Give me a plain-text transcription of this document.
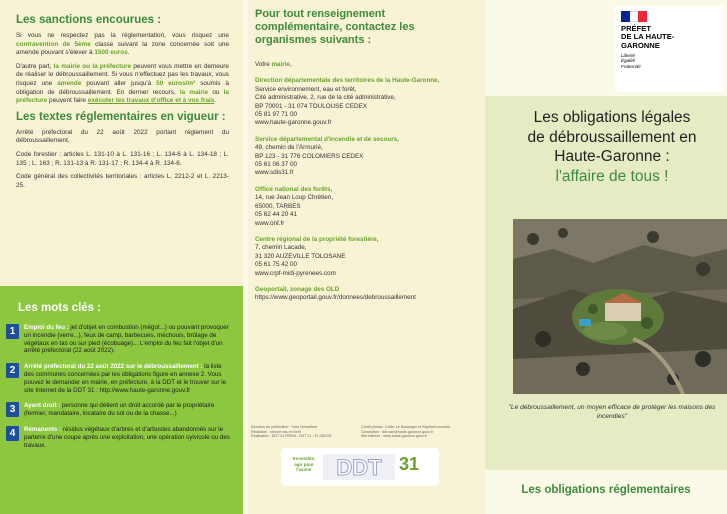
Les sanctions encourues :

Si vous ne respectez pas la réglementation, vous risquez une contravention de 5ème classe suivant la zone concernée soit une amende pouvant s'élever à 1500 euros.

D'autre part, la mairie ou la préfecture peuvent vous mettre en demeure de réaliser le débroussaillement. Si vous n'effectuez pas les travaux, vous risquez une amende pouvant aller jusqu'à 50 euros/m² soumis à obligation de débroussaillement. En dernier recours, la mairie ou la préfecture peuvent faire exécuter les travaux d'office et à vos frais.

Les textes réglementaires en vigueur :

Arrêté préfectoral du 22 août 2022 portant réglement du débroussaillement.

Code forestier : articles L. 131-10 à L. 131-16 ; L. 134-6 à L. 134-18 ; L. 135 ; L. 163 ; R. 131-13 à R. 131-17 ; R. 134-4 à R. 134-6.

Code général des collectivités territoriales : articles L. 2212-2 et L. 2213-25.

Les mots clés :
1	Emploi du feu : jet d'objet en combustion (mégot...) ou pouvant provoquer un incendie (verre...), feux de camp, barbecues, méchouis, brûlage de végétaux en tas ou sur pied (écobuage)... L'emploi du feu fait l'objet d'un arrêté préfectoral (22 août 2022).
2	Arrêté préfectoral du 22 août 2022 sur le débroussaillement : la liste des communes concernées par les obligations figure en annexe 2. Vous pouvez le demander en mairie, en préfecture, à la DDT et le trouver sur le site Internet de la DDT 31 : http://www.haute-garonne.gouv.fr
3	Ayant droit : personne qui détient un droit accordé par le propriétaire (fermier, mandataire, locataire du sol ou de la chasse...)
4	Rémanents : résidus végétaux d'arbres et d'arbustes abandonnés sur le parterre d'une coupe après une exploitation, une opération sylvicole ou des travaux.
Pour tout renseignement complémentaire, contactez les organismes suivants :

Votre mairie,

Direction départementale des territoires de la Haute-Garonne,
Service environnement, eau et forêt,
Cité administrative, 2, rue de la cité administrative,
BP 70001 - 31 074 TOULOUSE CEDEX
05 81 97 71 00
www.haute-garonne.gouv.fr

Service départemental d'incendie et de secours,
49, chemin de l'Armurié,
BP 123 - 31 776 COLOMIERS CEDEX
05 61 06 37 00
www.sdis31.fr

Office national des forêts,
14, rue Jean Loup Chrétien,
65000, TARBES
05 62 44 20 41
www.onf.fr

Centre régional de la propriété forestière,
7, chemin Lacade,
31 320 AUZEVILLE TOLOSANE
05 61 75 42 00
www.crpf-midi-pyrenees.com

Geoportail, zonage des OLD
https://www.geoportail.gouv.fr/donnees/debroussaillement

Direction de publication : Yves Schaeffner
Rédaction : service eau et forêt
Réalisation : DDT 31 PERIN ; DDT 31 ; 31 SDIS31
Crédit photos : Didier Le Boulanger et Raphaël Lecomte
Conception : ddt-sae@haute-garonne.gouv.fr
Site internet : www.haute-garonne.gouv.fr
Ensemble, agir pour l'avenir	DDT 31
PRÉFET
DE LA HAUTE-
GARONNE
Liberté
Égalité
Fraternité
Les obligations légales
de débroussaillement en
Haute-Garonne :
l'affaire de tous !
"Le débroussaillement, un moyen efficace de protéger les maisons des incendies"
Les obligations réglementaires
